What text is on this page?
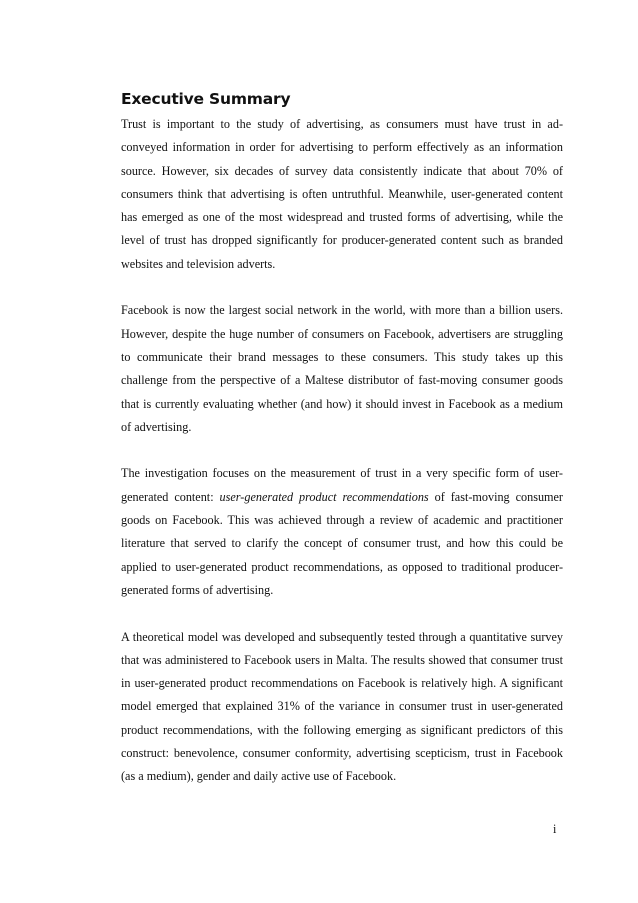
Executive Summary

Trust is important to the study of advertising, as consumers must have trust in ad-conveyed information in order for advertising to perform effectively as an information source. However, six decades of survey data consistently indicate that about 70% of consumers think that advertising is often untruthful. Meanwhile, user-generated content has emerged as one of the most widespread and trusted forms of advertising, while the level of trust has dropped significantly for producer-generated content such as branded websites and television adverts.

Facebook is now the largest social network in the world, with more than a billion users. However, despite the huge number of consumers on Facebook, advertisers are struggling to communicate their brand messages to these consumers. This study takes up this challenge from the perspective of a Maltese distributor of fast-moving consumer goods that is currently evaluating whether (and how) it should invest in Facebook as a medium of advertising.

The investigation focuses on the measurement of trust in a very specific form of user-generated content: user-generated product recommendations of fast-moving consumer goods on Facebook. This was achieved through a review of academic and practitioner literature that served to clarify the concept of consumer trust, and how this could be applied to user-generated product recommendations, as opposed to traditional producer-generated forms of advertising.

A theoretical model was developed and subsequently tested through a quantitative survey that was administered to Facebook users in Malta. The results showed that consumer trust in user-generated product recommendations on Facebook is relatively high. A significant model emerged that explained 31% of the variance in consumer trust in user-generated product recommendations, with the following emerging as significant predictors of this construct: benevolence, consumer conformity, advertising scepticism, trust in Facebook (as a medium), gender and daily active use of Facebook.

i
